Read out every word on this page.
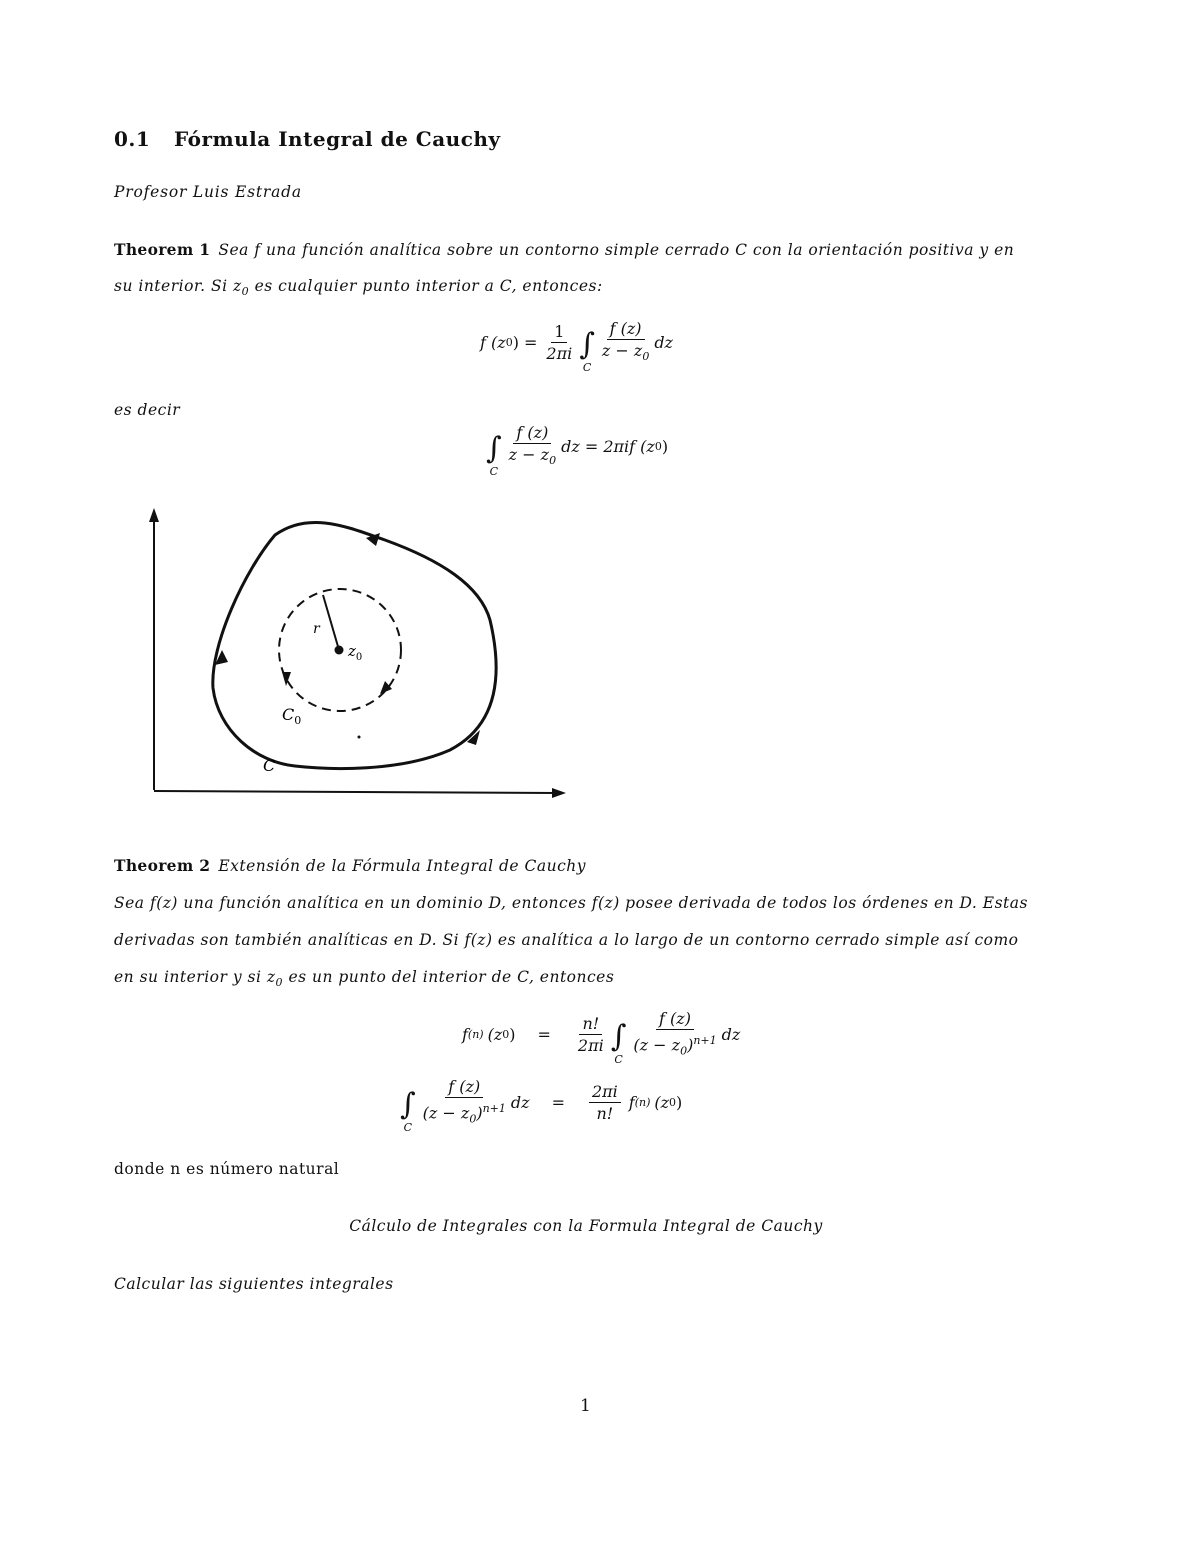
0.1 Fórmula Integral de Cauchy
Profesor Luis Estrada
Theorem 1 Sea f una función analítica sobre un contorno simple cerrado C con la orientación positiva y en
su interior. Si $z_0$ es cualquier punto interior a C, entonces:
f (z 0 ) = $\frac{1}{2\pi i}$ ∫
C $\frac{f (z)}{z - z_0}$ dz
es decir
∫
C $\frac{f (z)}{z - z_0}$ dz = 2πif (z 0 )
r
$z_0$
$C_0$
C
Theorem 2 Extensión de la Fórmula Integral de Cauchy
Sea f(z) una función analítica en un dominio D, entonces f(z) posee derivada de todos los órdenes en D. Estas
derivadas son también analíticas en D. Si f(z) es analítica a lo largo de un contorno cerrado simple así como
en su interior y si $z_0$ es un punto del interior de C, entonces
f (n) (z 0 ) = $\frac{n!}{2\pi i}$ ∫
C $\frac{f (z)}{(z - z_0)^{n+1}}$ dz
∫
C $\frac{f (z)}{(z - z_0)^{n+1}}$ dz = $\frac{2\pi i}{n!}$ f (n) (z 0 )
donde n es número natural
Cálculo de Integrales con la Formula Integral de Cauchy
Calcular las siguientes integrales
1
